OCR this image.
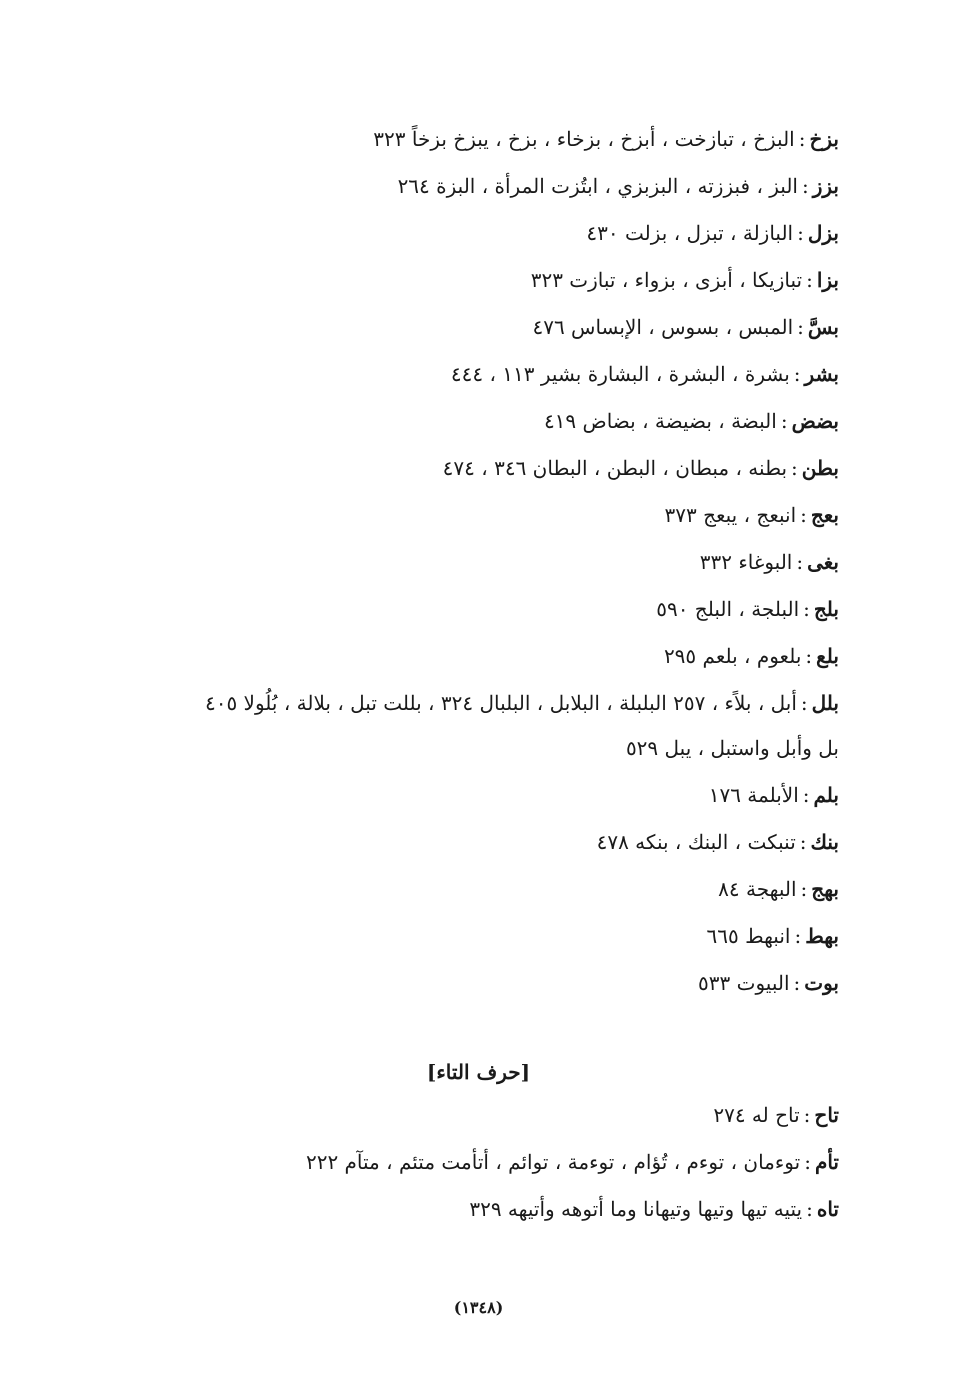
بزخ:البزخ ، تبازخت ، أبزخ ، بزخاء ، بزخ ، يبزخ بزخاً ٣٢٣
بزز:البز ، فبززته ، البزبزي ، ابتُزت المرأة ، البزة ٢٦٤
بزل:البازلة ، تبزل ، بزلت ٤٣٠
بزا:تبازيكا ، أبزى ، بزواء ، تبازت ٣٢٣
بسَّ:المبس ، بسوس ، الإبساس ٤٧٦
بشر:بشرة ، البشرة ، البشارة بشير ١١٣ ، ٤٤٤
بضض:البضة ، بضيضة ، بضاض ٤١٩
بطن:بطنه ، مبطان ، البطن ، البطان ٣٤٦ ، ٤٧٤
بعج:انبعج ، يبعج ٣٧٣
بغى:البوغاء ٣٣٢
بلج:البلجة ، البلج ٥٩٠
بلع:بلعوم ، بلعم ٢٩٥
بلل:أبل ، بلاًء ، ٢٥٧ البلبلة ، البلابل ، البلبال ٣٢٤ ، بللت تبل ، بلالة ، بُلُولا ٤٠٥
بل وأبل واستبل ، يبل ٥٢٩
بلم:الأبلمة ١٧٦
بنك:تنبكت ، البنك ، بنكه ٤٧٨
بهج:البهجة ٨٤
بهط:انبهط ٦٦٥
بوت:البيوت ٥٣٣
[حرف التاء]
تاح:تاح له ٢٧٤
تأم:توءمان ، توءم ، تُؤام ، توءمة ، توائم ، أتأمت متئم ، متآم ٢٢٢
تاه:يتيه تيها وتيها وتيهانا وما أتوهه وأتيهه ٣٢٩
(١٣٤٨)
